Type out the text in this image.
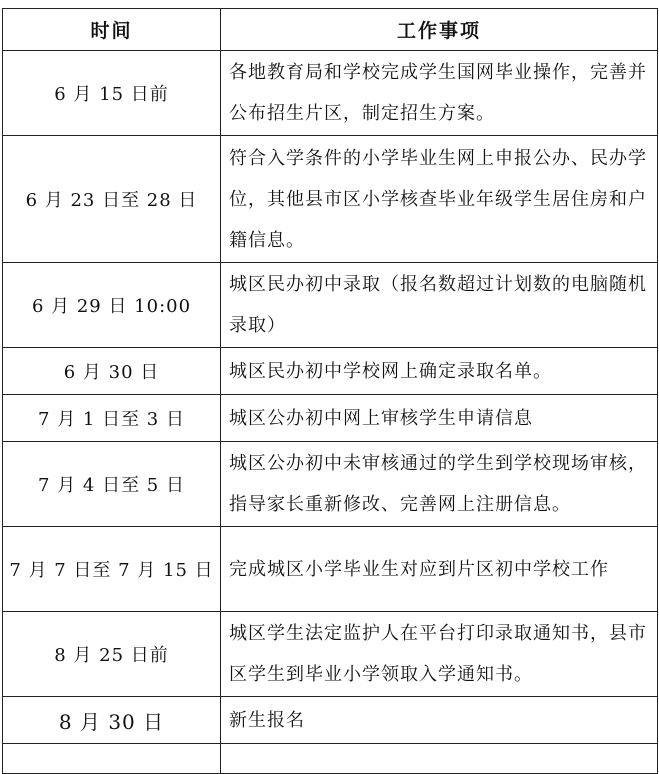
时间	工作事项
6 月 15 日前	各地教育局和学校完成学生国网毕业操作，完善并公布招生片区，制定招生方案。
6 月 23 日至 28 日	符合入学条件的小学毕业生网上申报公办、民办学位，其他县市区小学核查毕业年级学生居住房和户籍信息。
6 月 29 日 10:00	城区民办初中录取（报名数超过计划数的电脑随机录取）
6 月 30 日	城区民办初中学校网上确定录取名单。
7 月 1 日至 3 日	城区公办初中网上审核学生申请信息
7 月 4 日至 5 日	城区公办初中未审核通过的学生到学校现场审核，指导家长重新修改、完善网上注册信息。
7 月 7 日至 7 月 15 日	完成城区小学毕业生对应到片区初中学校工作
8 月 25 日前	城区学生法定监护人在平台打印录取通知书，县市区学生到毕业小学领取入学通知书。
8 月 30 日	新生报名
